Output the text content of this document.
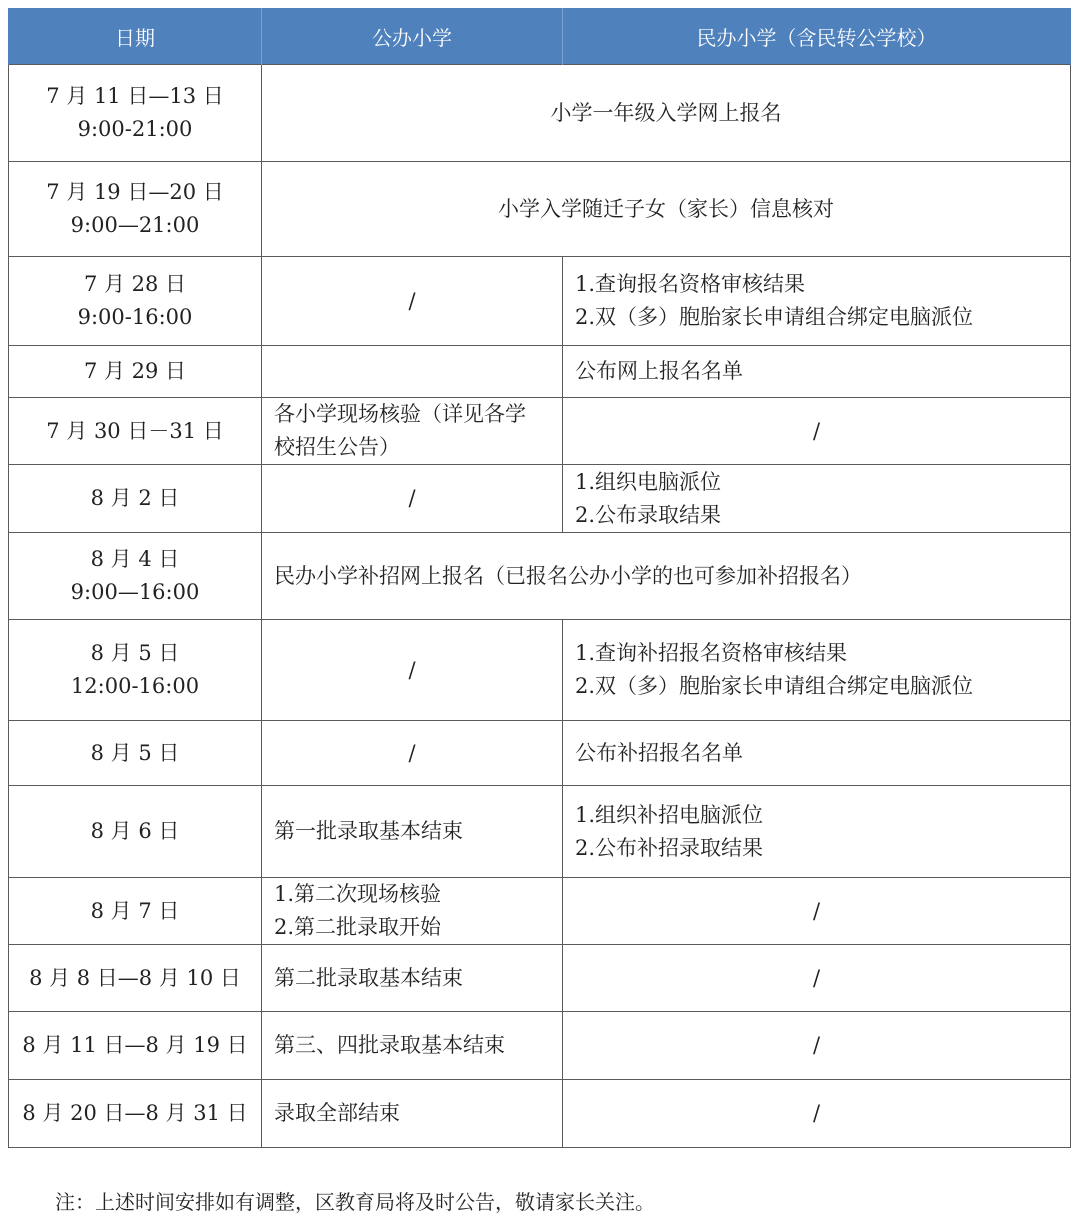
日期	公办小学	民办小学（含民转公学校）

7 月 11 日—13 日
9:00-21:00	小学一年级入学网上报名	

7 月 19 日—20 日
9:00—21:00	小学入学随迁子女（家长）信息核对	

7 月 28 日
9:00-16:00	/	1.查询报名资格审核结果
2.双（多）胞胎家长申请组合绑定电脑派位

7 月 29 日		公布网上报名名单

7 月 30 日－31 日	各小学现场核验（详见各学
校招生公告）	/

8 月 2 日	/	1.组织电脑派位
2.公布录取结果

8 月 4 日
9:00—16:00	民办小学补招网上报名（已报名公办小学的也可参加补招报名）	

8 月 5 日
12:00-16:00	/	1.查询补招报名资格审核结果
2.双（多）胞胎家长申请组合绑定电脑派位

8 月 5 日	/	公布补招报名名单

8 月 6 日	第一批录取基本结束	1.组织补招电脑派位
2.公布补招录取结果

8 月 7 日	1.第二次现场核验
2.第二批录取开始	/

8 月 8 日—8 月 10 日	第二批录取基本结束	/

8 月 11 日—8 月 19 日	第三、四批录取基本结束	/

8 月 20 日—8 月 31 日	录取全部结束	/
注：上述时间安排如有调整，区教育局将及时公告，敬请家长关注。
